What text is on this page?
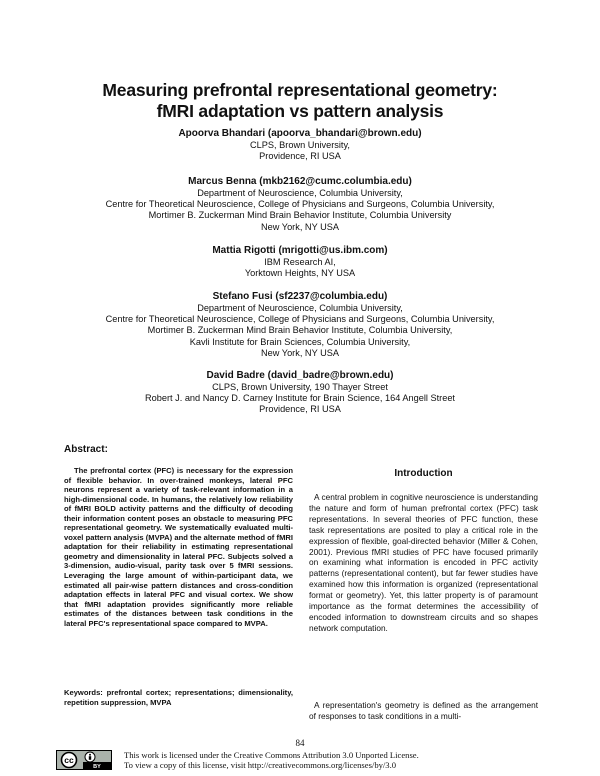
Measuring prefrontal representational geometry:
fMRI adaptation vs pattern analysis
Apoorva Bhandari (apoorva_bhandari@brown.edu)
CLPS, Brown University,
Providence, RI USA
Marcus Benna (mkb2162@cumc.columbia.edu)
Department of Neuroscience, Columbia University,
Centre for Theoretical Neuroscience, College of Physicians and Surgeons, Columbia University,
Mortimer B. Zuckerman Mind Brain Behavior Institute, Columbia University
New York, NY USA
Mattia Rigotti (mrigotti@us.ibm.com)
IBM Research AI,
Yorktown Heights, NY USA
Stefano Fusi (sf2237@columbia.edu)
Department of Neuroscience, Columbia University,
Centre for Theoretical Neuroscience, College of Physicians and Surgeons, Columbia University,
Mortimer B. Zuckerman Mind Brain Behavior Institute, Columbia University,
Kavli Institute for Brain Sciences, Columbia University,
New York, NY USA
David Badre (david_badre@brown.edu)
CLPS, Brown University, 190 Thayer Street
Robert J. and Nancy D. Carney Institute for Brain Science, 164 Angell Street
Providence, RI USA
Abstract:

The prefrontal cortex (PFC) is necessary for the expression of flexible behavior. In over-trained monkeys, lateral PFC neurons represent a variety of task-relevant information in a high-dimensional code. In humans, the relatively low reliability of fMRI BOLD activity patterns and the difficulty of decoding their information content poses an obstacle to measuring PFC representational geometry. We systematically evaluated multi-voxel pattern analysis (MVPA) and the alternate method of fMRI adaptation for their reliability in estimating representational geometry and dimensionality in lateral PFC. Subjects solved a 3-dimension, audio-visual, parity task over 5 fMRI sessions. Leveraging the large amount of within-participant data, we estimated all pair-wise pattern distances and cross-condition adaptation effects in lateral PFC and visual cortex. We show that fMRI adaptation provides significantly more reliable estimates of the distances between task conditions in the lateral PFC's representational space compared to MVPA.

Keywords: prefrontal cortex; representations; dimensionality, repetition suppression, MVPA

Introduction

A central problem in cognitive neuroscience is understanding the nature and form of human prefrontal cortex (PFC) task representations. In several theories of PFC function, these task representations are posited to play a critical role in the expression of flexible, goal-directed behavior (Miller & Cohen, 2001). Previous fMRI studies of PFC have focused primarily on examining what information is encoded in PFC activity patterns (representational content), but far fewer studies have examined how this information is organized (representational format or geometry). Yet, this latter property is of paramount importance as the format determines the accessibility of encoded information to downstream circuits and so shapes network computation.

A representation's geometry is defined as the arrangement of responses to task conditions in a multi-

84
cc
BY
This work is licensed under the Creative Commons Attribution 3.0 Unported License.
To view a copy of this license, visit http://creativecommons.org/licenses/by/3.0
